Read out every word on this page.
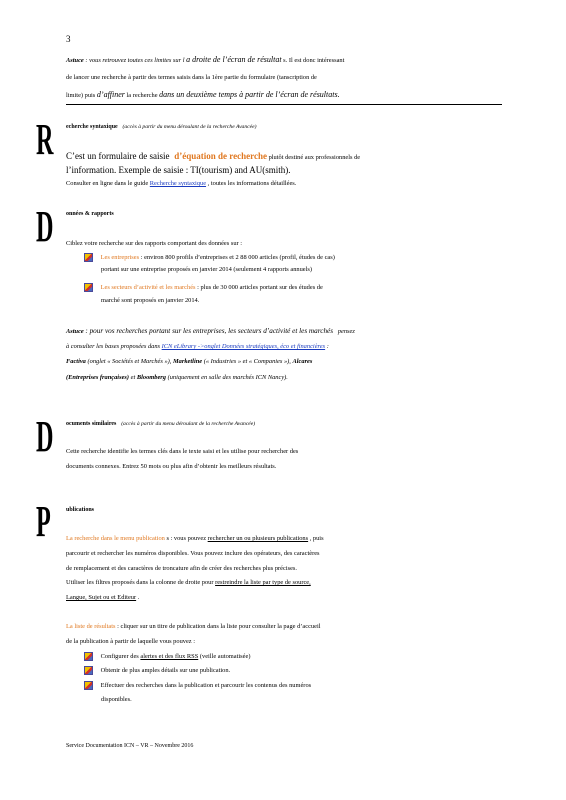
3
Astuce : vous retrouvez toutes ces limites sur l a droite de l’écran de résultat s. Il est donc intéressant
de lancer une recherche à partir des termes saisis dans la 1ère partie du formulaire (tanscription de
limite) puis d’affiner la recherche dans un deuxième temps à partir de l’écran de résultats.
R echerche syntaxique (accès à partir du menu déroulant de la recherche Avancée)
C’est un formulaire de saisie d’équation de recherche plutôt destiné aux professionnels de
l’information. Exemple de saisie : TI(tourism) and AU(smith).
Consulter en ligne dans le guide Recherche syntaxique , toutes les informations détaillées.
D onnées & rapports
Ciblez votre recherche sur des rapports comportant des données sur :
Les entreprises : environ 800 profils d’entreprises et 2 88 000 articles (profil, études de cas)
portant sur une entreprise proposés en janvier 2014 (seulement 4 rapports annuels)
Les secteurs d’activité et les marchés : plus de 30 000 articles portant sur des études de
marché sont proposés en janvier 2014.
Astuce : pour vos recherches portant sur les entreprises, les secteurs d’activité et les marchés pensez
à consulter les bases proposées dans ICN eLibrary ->onglet Données stratégiques, éco et financières :
Factiva (onglet « Sociétés et Marchés »), Marketline (« Industries » et « Companies »), Alcares
(Entreprises françaises) et Bloomberg (uniquement en salle des marchés ICN Nancy).
D ocuments similaires (accès à partir du menu déroulant de la recherche Avancée)
Cette recherche identifie les termes clés dans le texte saisi et les utilise pour rechercher des
documents connexes. Entrez 50 mots ou plus afin d’obtenir les meilleurs résultats.
P	ublications
La recherche dans le menu publication s : vous pouvez rechercher un ou plusieurs publications , puis
parcourir et rechercher les numéros disponibles. Vous pouvez inclure des opérateurs, des caractères
de remplacement et des caractères de troncature afin de créer des recherches plus précises.
Utiliser les filtres proposés dans la colonne de droite pour restreindre la liste par type de source,
Langue, Sujet ou et Editeur .
La liste de résultats : cliquer sur un titre de publication dans la liste pour consulter la page d’accueil
de la publication à partir de laquelle vous pouvez :
Configurer des alertes et des flux RSS (veille automatisée)
Obtenir de plus amples détails sur une publication.
Effectuer des recherches dans la publication et parcourir les contenus des numéros
disponibles.
Service Documentation ICN – VR – Novembre 2016
